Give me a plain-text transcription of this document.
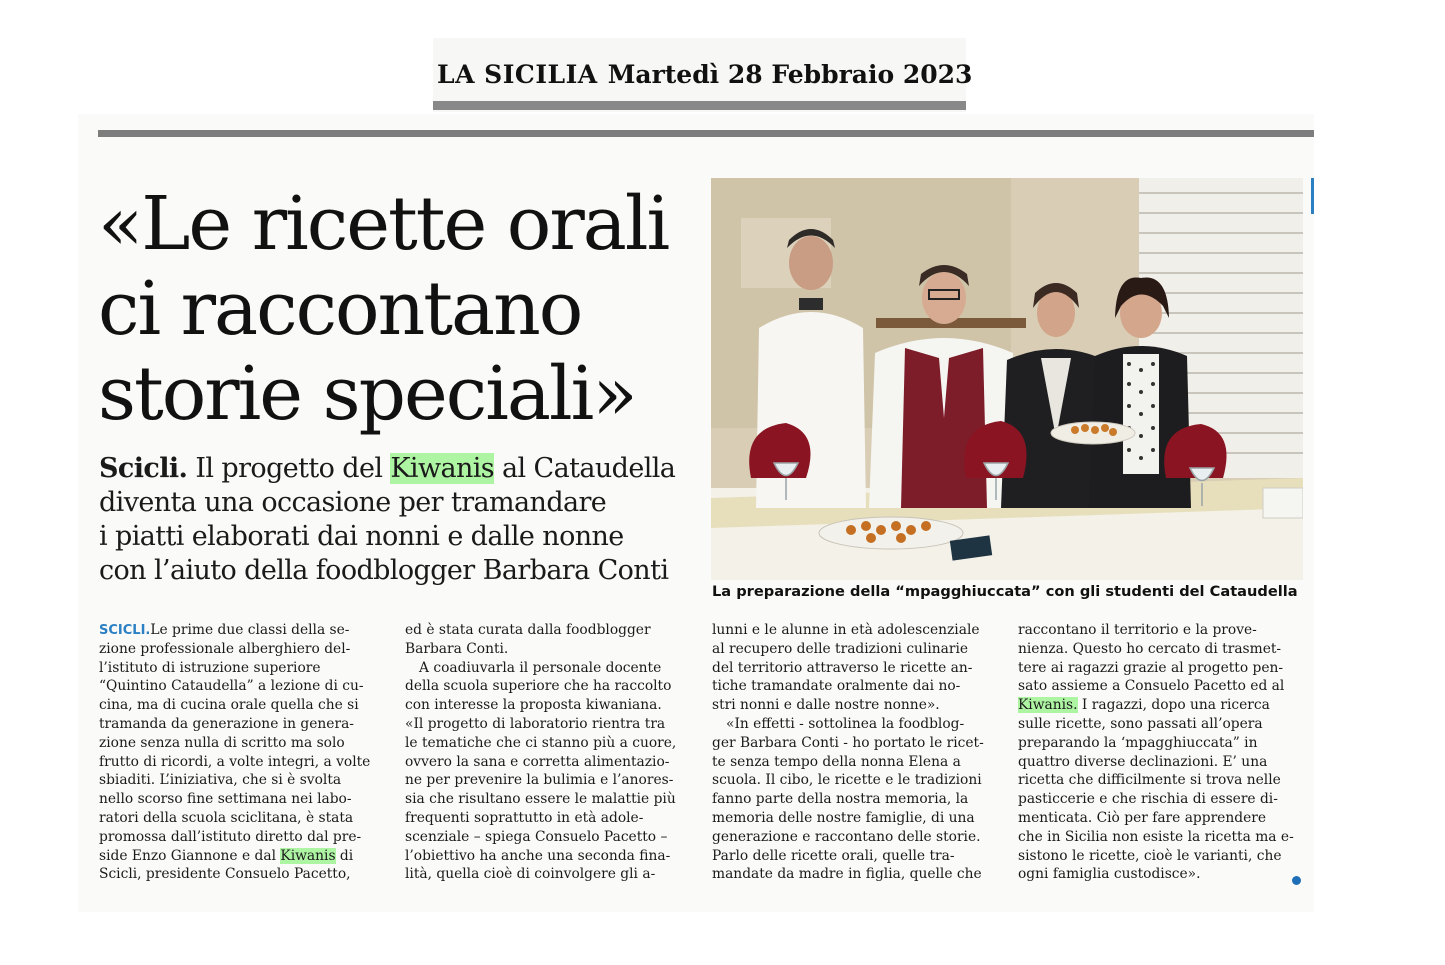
LA SICILIA Martedì 28 Febbraio 2023
«Le ricette orali
ci raccontano
storie speciali»
Scicli. Il progetto del Kiwanis al Cataudella
diventa una occasione per tramandare
i piatti elaborati dai nonni e dalle nonne
con l’aiuto della foodblogger Barbara Conti
La preparazione della “mpagghiuccata” con gli studenti del Cataudella
SCICLI.Le prime due classi della se-
zione professionale alberghiero del-
l’istituto di istruzione superiore
“Quintino Cataudella” a lezione di cu-
cina, ma di cucina orale quella che si
tramanda da generazione in genera-
zione senza nulla di scritto ma solo
frutto di ricordi, a volte integri, a volte
sbiaditi. L’iniziativa, che si è svolta
nello scorso fine settimana nei labo-
ratori della scuola sciclitana, è stata
promossa dall’istituto diretto dal pre-
side Enzo Giannone e dal Kiwanis di
Scicli, presidente Consuelo Pacetto,
ed è stata curata dalla foodblogger
Barbara Conti.
A coadiuvarla il personale docente
della scuola superiore che ha raccolto
con interesse la proposta kiwaniana.
«Il progetto di laboratorio rientra tra
le tematiche che ci stanno più a cuore,
ovvero la sana e corretta alimentazio-
ne per prevenire la bulimia e l’anores-
sia che risultano essere le malattie più
frequenti soprattutto in età adole-
scenziale – spiega Consuelo Pacetto –
l’obiettivo ha anche una seconda fina-
lità, quella cioè di coinvolgere gli a-
lunni e le alunne in età adolescenziale
al recupero delle tradizioni culinarie
del territorio attraverso le ricette an-
tiche tramandate oralmente dai no-
stri nonni e dalle nostre nonne».
«In effetti - sottolinea la foodblog-
ger Barbara Conti - ho portato le ricet-
te senza tempo della nonna Elena a
scuola. Il cibo, le ricette e le tradizioni
fanno parte della nostra memoria, la
memoria delle nostre famiglie, di una
generazione e raccontano delle storie.
Parlo delle ricette orali, quelle tra-
mandate da madre in figlia, quelle che
raccontano il territorio e la prove-
nienza. Questo ho cercato di trasmet-
tere ai ragazzi grazie al progetto pen-
sato assieme a Consuelo Pacetto ed al
Kiwanis. I ragazzi, dopo una ricerca
sulle ricette, sono passati all’opera
preparando la ‘mpagghiuccata” in
quattro diverse declinazioni. E’ una
ricetta che difficilmente si trova nelle
pasticcerie e che rischia di essere di-
menticata. Ciò per fare apprendere
che in Sicilia non esiste la ricetta ma e-
sistono le ricette, cioè le varianti, che
ogni famiglia custodisce».
